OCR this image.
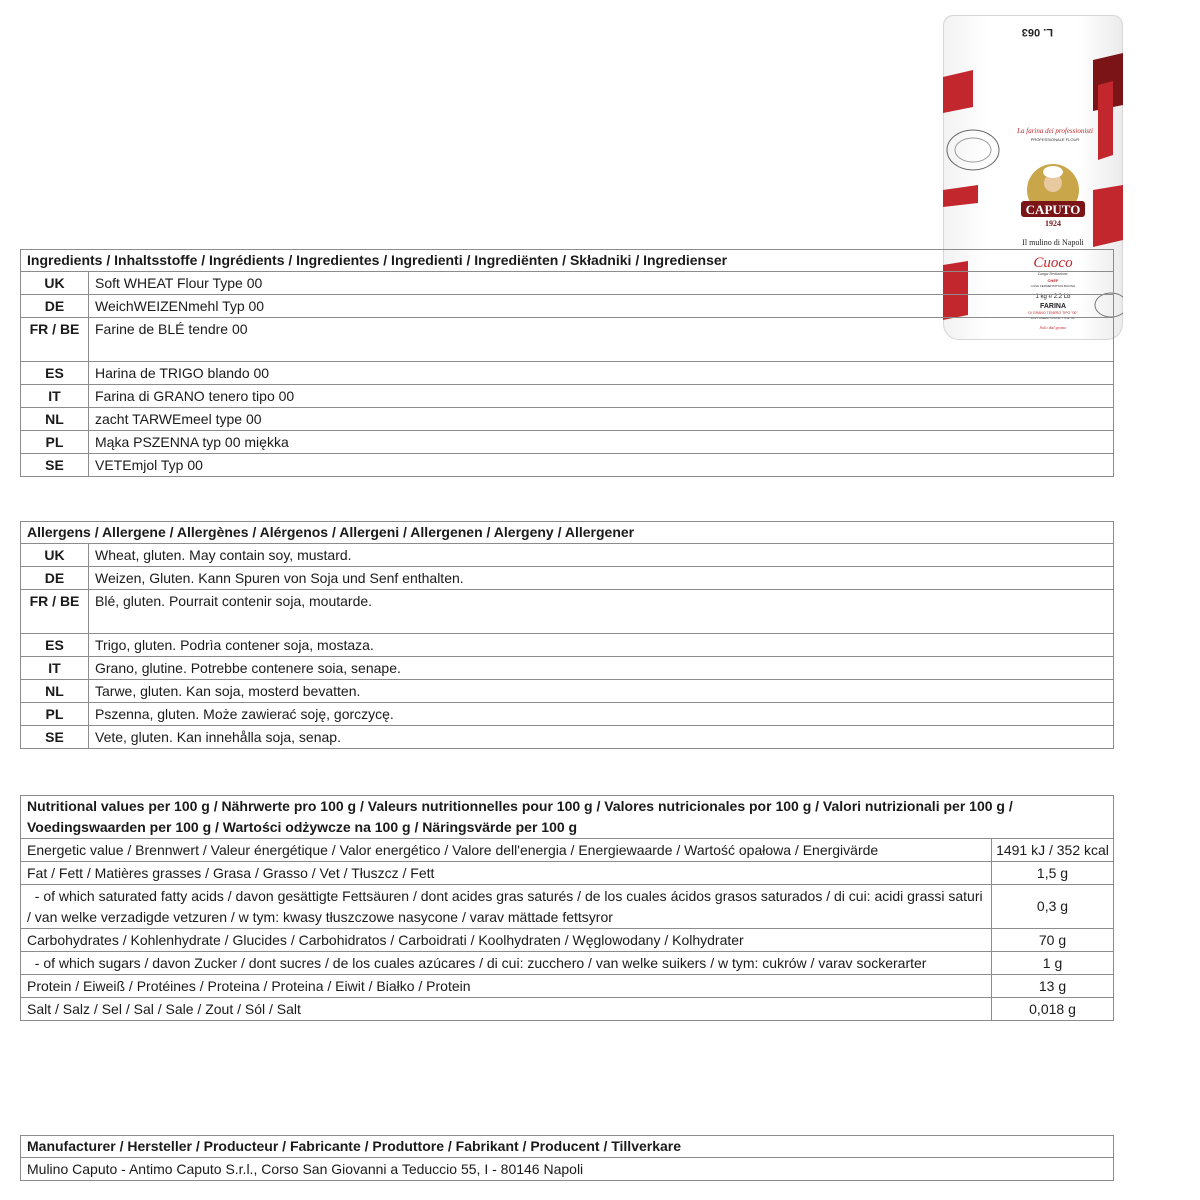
L. 063
La farina dei professionisti
PROFESSIONALE FLOUR
CAPUTO
1924
Il mulino di Napoli
Cuoco
Lunga lievitazione
CHEF
LONG FERMENTATION BAKING
1 kg ℮ 2.2 Lb
FARINA
DI GRANO TENERO TIPO "00"
SOFT WHEAT FLOUR TYPE "00"
Solo dal grano
Ingredients / Inhaltsstoffe / Ingrédients / Ingredientes / Ingredienti / Ingrediënten / Składniki / Ingredienser	
UK	Soft WHEAT Flour Type 00
DE	WeichWEIZENmehl Typ 00
FR / BE	Farine de BLÉ tendre 00
ES	Harina de TRIGO blando 00
IT	Farina di GRANO tenero tipo 00
NL	zacht TARWEmeel type 00
PL	Mąka PSZENNA typ 00 miękka
SE	VETEmjol Typ 00
Allergens / Allergene / Allergènes / Alérgenos / Allergeni / Allergenen / Alergeny / Allergener	
UK	Wheat, gluten. May contain soy, mustard.
DE	Weizen, Gluten. Kann Spuren von Soja und Senf enthalten.
FR / BE	Blé, gluten. Pourrait contenir soja, moutarde.
ES	Trigo, gluten. Podrìa contener soja, mostaza.
IT	Grano, glutine. Potrebbe contenere soia, senape.
NL	Tarwe, gluten. Kan soja, mosterd bevatten.
PL	Pszenna, gluten. Może zawierać soję, gorczycę.
SE	Vete, gluten. Kan innehålla soja, senap.
Nutritional values per 100 g / Nährwerte pro 100 g / Valeurs nutritionnelles pour 100 g / Valores nutricionales por 100 g / Valori nutrizionali per 100 g / Voedingswaarden per 100 g / Wartości odżywcze na 100 g / Näringsvärde per 100 g	
Energetic value / Brennwert / Valeur énergétique / Valor energético / Valore dell'energia / Energiewaarde / Wartość opałowa / Energivärde	1491 kJ / 352 kcal
Fat / Fett / Matières grasses / Grasa / Grasso / Vet / Tłuszcz / Fett	1,5 g
- of which saturated fatty acids / davon gesättigte Fettsäuren / dont acides gras saturés / de los cuales ácidos grasos saturados / di cui: acidi grassi saturi / van welke verzadigde vetzuren / w tym: kwasy tłuszczowe nasycone / varav mättade fettsyror	0,3 g
Carbohydrates / Kohlenhydrate / Glucides / Carbohidratos / Carboidrati / Koolhydraten / Węglowodany / Kolhydrater	70 g
- of which sugars / davon Zucker / dont sucres / de los cuales azúcares / di cui: zucchero / van welke suikers / w tym: cukrów / varav sockerarter	1 g
Protein / Eiweiß / Protéines / Proteina / Proteina / Eiwit / Białko / Protein	13 g
Salt / Salz / Sel / Sal / Sale / Zout / Sól / Salt	0,018 g
Manufacturer / Hersteller / Producteur / Fabricante / Produttore / Fabrikant / Producent / Tillverkare
Mulino Caputo - Antimo Caputo S.r.l., Corso San Giovanni a Teduccio 55, I - 80146 Napoli
